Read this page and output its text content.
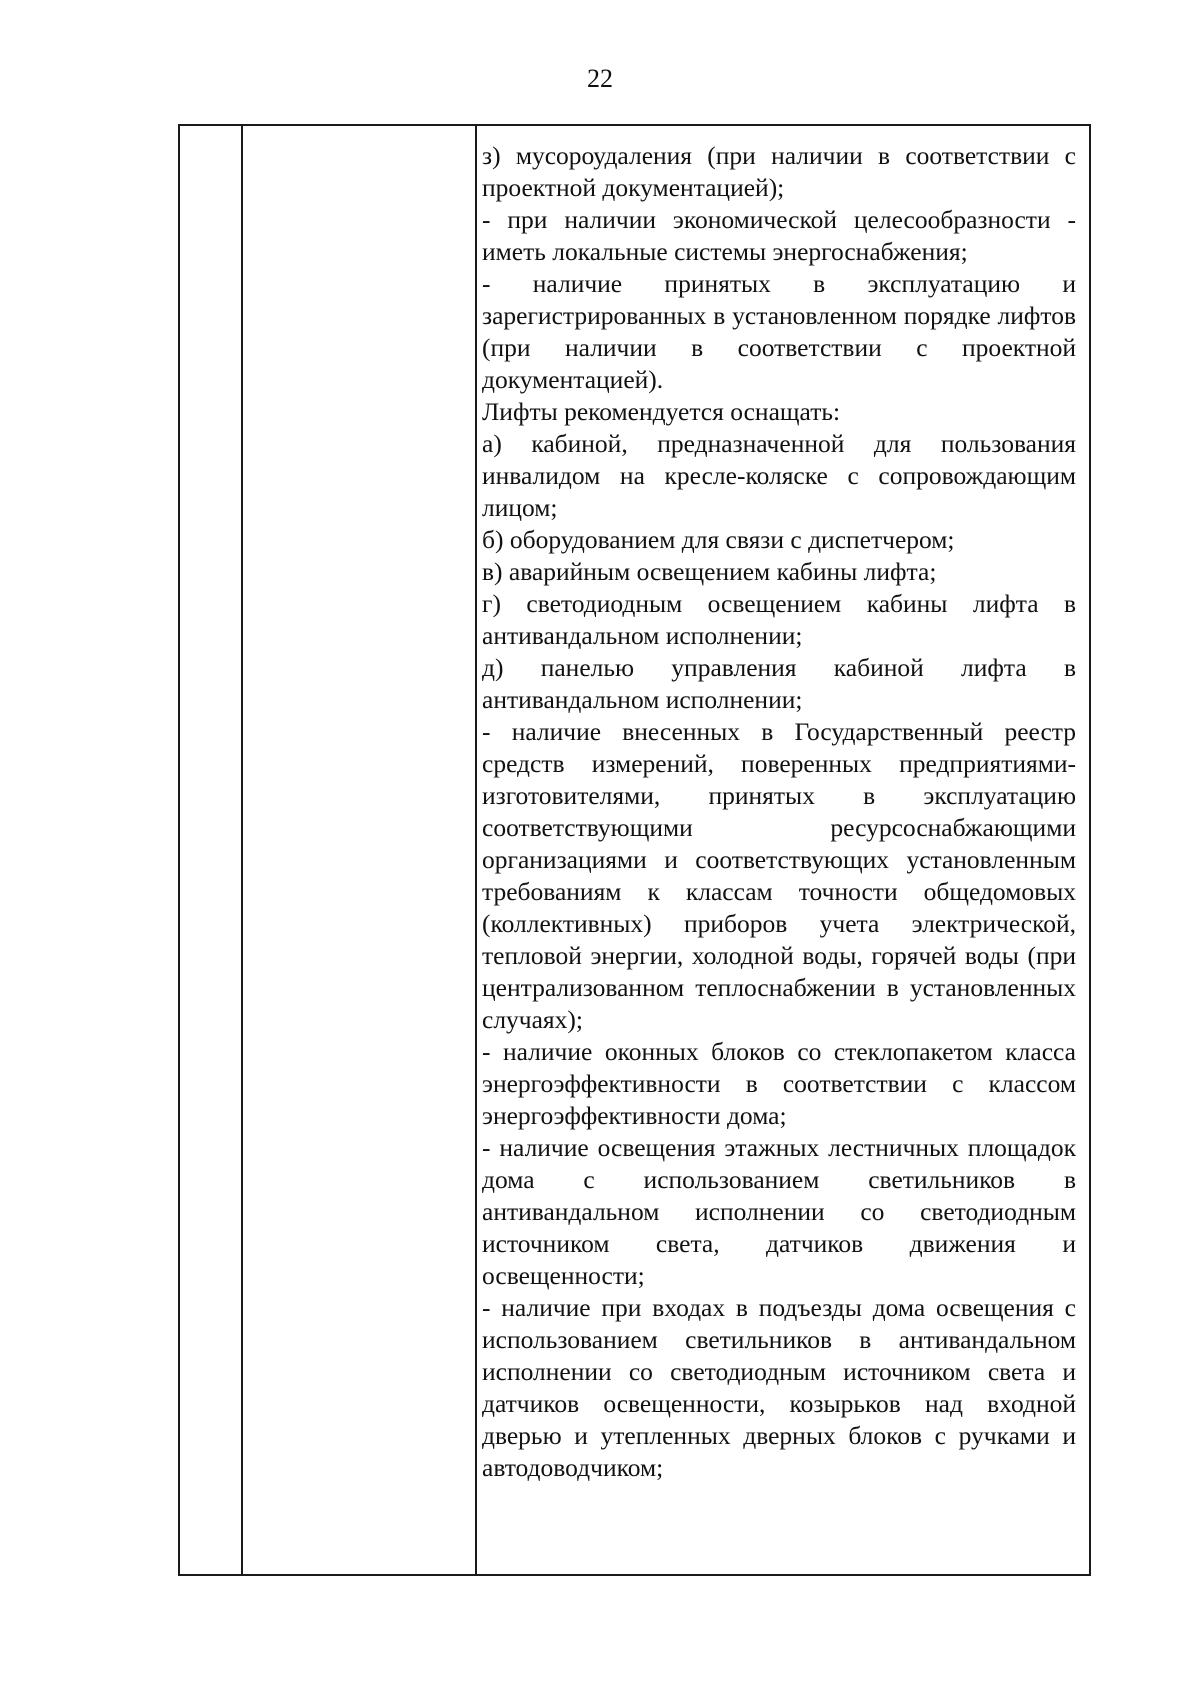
22

з) мусороудаления (при наличии в соответствии с проектной документацией);

- при наличии экономической целесообразности - иметь локальные системы энергоснабжения;

- наличие принятых в эксплуатацию и зарегистрированных в установленном порядке лифтов (при наличии в соответствии с проектной документацией).

Лифты рекомендуется оснащать:

а) кабиной, предназначенной для пользования инвалидом на кресле-коляске с сопровождающим лицом;

б) оборудованием для связи с диспетчером;

в) аварийным освещением кабины лифта;

г) светодиодным освещением кабины лифта в антивандальном исполнении;

д) панелью управления кабиной лифта в антивандальном исполнении;

- наличие внесенных в Государственный реестр средств измерений, поверенных предприятиями-изготовителями, принятых в эксплуатацию соответствующими ресурсоснабжающими организациями и соответствующих установленным требованиям к классам точности общедомовых (коллективных) приборов учета электрической, тепловой энергии, холодной воды, горячей воды (при централизованном теплоснабжении в установленных случаях);

- наличие оконных блоков со стеклопакетом класса энергоэффективности в соответствии с классом энергоэффективности дома;

- наличие освещения этажных лестничных площадок дома с использованием светильников в антивандальном исполнении со светодиодным источником света, датчиков движения и освещенности;

- наличие при входах в подъезды дома освещения с использованием светильников в антивандальном исполнении со светодиодным источником света и датчиков освещенности, козырьков над входной дверью и утепленных дверных блоков с ручками и автодоводчиком;
